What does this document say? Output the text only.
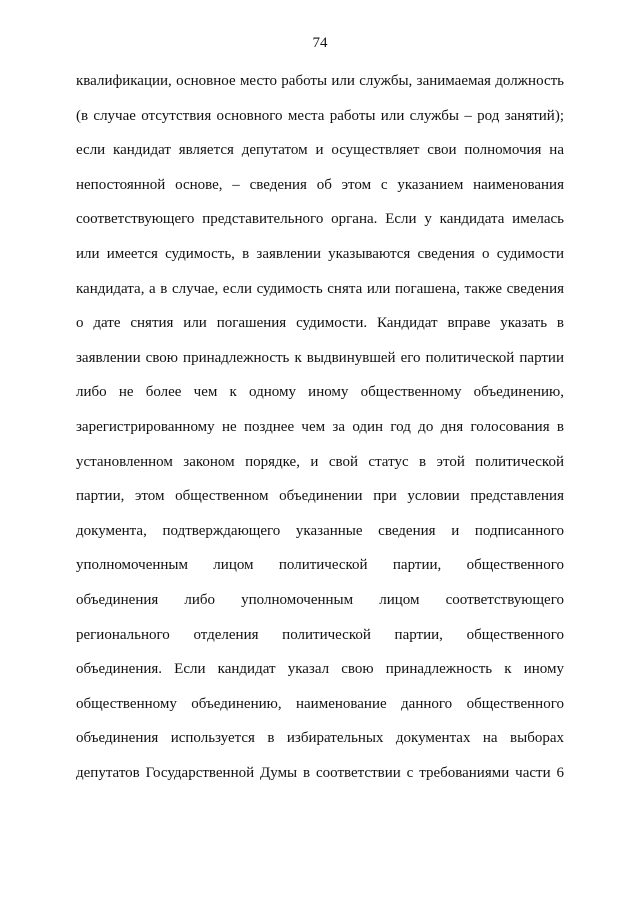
74
квалификации, основное место работы или службы, занимаемая должность
(в случае отсутствия основного места работы или службы – род занятий);
если кандидат является депутатом и осуществляет свои полномочия на
непостоянной основе, – сведения об этом с указанием наименования
соответствующего представительного органа. Если у кандидата имелась
или имеется судимость, в заявлении указываются сведения о судимости
кандидата, а в случае, если судимость снята или погашена, также сведения
о дате снятия или погашения судимости. Кандидат вправе указать в
заявлении свою принадлежность к выдвинувшей его политической партии
либо не более чем к одному иному общественному объединению,
зарегистрированному не позднее чем за один год до дня голосования в
установленном законом порядке, и свой статус в этой политической
партии, этом общественном объединении при условии представления
документа, подтверждающего указанные сведения и подписанного
уполномоченным лицом политической партии, общественного
объединения либо уполномоченным лицом соответствующего
регионального отделения политической партии, общественного
объединения. Если кандидат указал свою принадлежность к иному
общественному объединению, наименование данного общественного
объединения используется в избирательных документах на выборах
депутатов Государственной Думы в соответствии с требованиями части 6
